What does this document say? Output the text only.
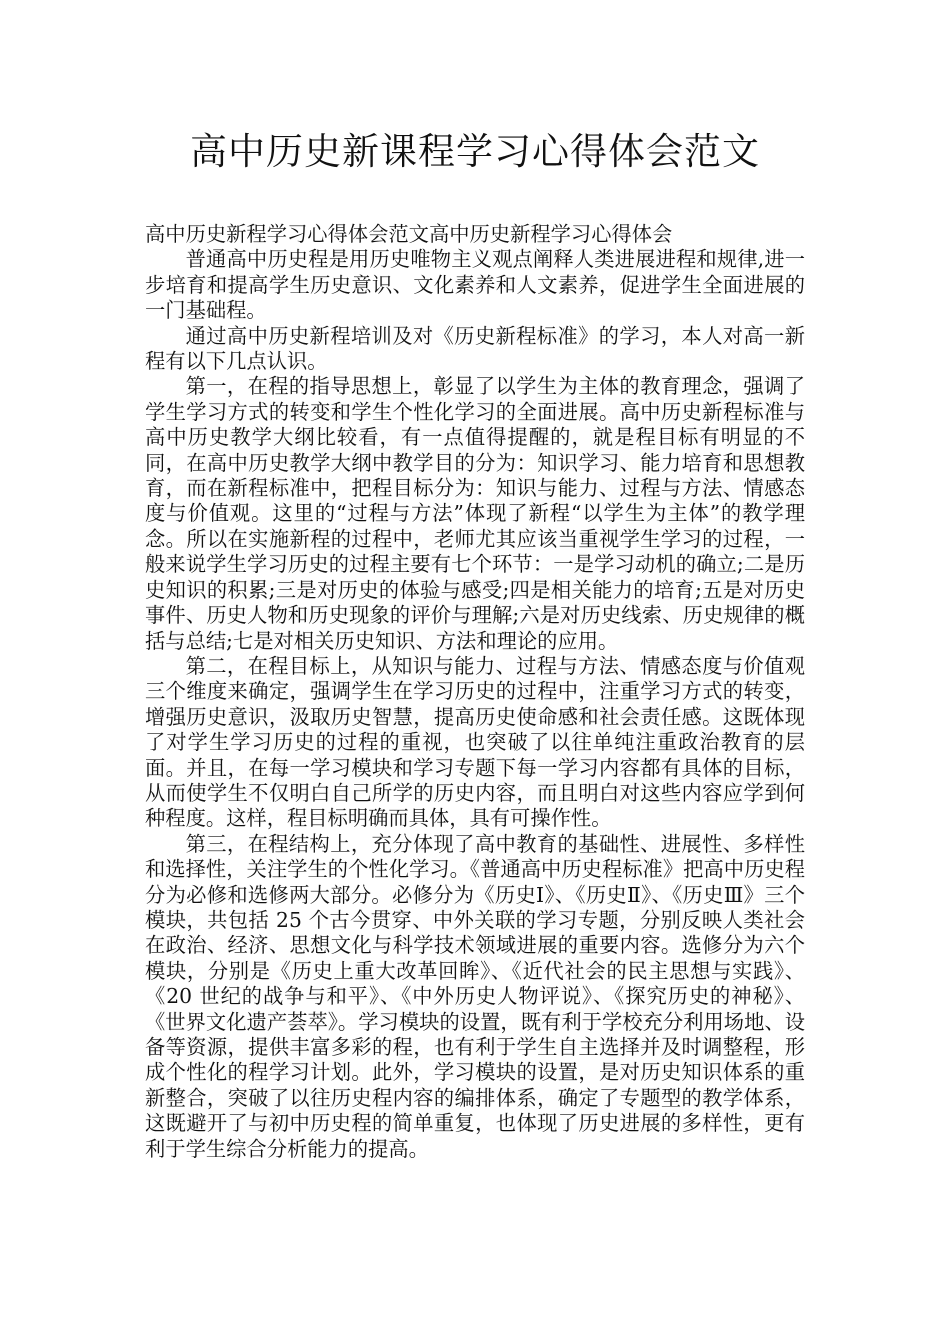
高中历史新课程学习心得体会范文

高中历史新程学习心得体会范文高中历史新程学习心得体会

普通高中历史程是用历史唯物主义观点阐释人类进展进程和规律,进一步培育和提高学生历史意识、文化素养和人文素养，促进学生全面进展的一门基础程。

通过高中历史新程培训及对《历史新程标准》的学习，本人对高一新程有以下几点认识。

第一，在程的指导思想上，彰显了以学生为主体的教育理念，强调了学生学习方式的转变和学生个性化学习的全面进展。高中历史新程标准与高中历史教学大纲比较看，有一点值得提醒的，就是程目标有明显的不同，在高中历史教学大纲中教学目的分为：知识学习、能力培育和思想教育，而在新程标准中，把程目标分为：知识与能力、过程与方法、情感态度与价值观。这里的“过程与方法”体现了新程“以学生为主体”的教学理念。所以在实施新程的过程中，老师尤其应该当重视学生学习的过程，一般来说学生学习历史的过程主要有七个环节：一是学习动机的确立;二是历史知识的积累;三是对历史的体验与感受;四是相关能力的培育;五是对历史事件、历史人物和历史现象的评价与理解;六是对历史线索、历史规律的概括与总结;七是对相关历史知识、方法和理论的应用。

第二，在程目标上，从知识与能力、过程与方法、情感态度与价值观三个维度来确定，强调学生在学习历史的过程中，注重学习方式的转变，增强历史意识，汲取历史智慧，提高历史使命感和社会责任感。这既体现了对学生学习历史的过程的重视，也突破了以往单纯注重政治教育的层面。并且，在每一学习模块和学习专题下每一学习内容都有具体的目标，从而使学生不仅明白自己所学的历史内容，而且明白对这些内容应学到何种程度。这样，程目标明确而具体，具有可操作性。

第三，在程结构上，充分体现了高中教育的基础性、进展性、多样性和选择性，关注学生的个性化学习。《普通高中历史程标准》把高中历史程分为必修和选修两大部分。必修分为《历史Ⅰ》、《历史Ⅱ》、《历史Ⅲ》三个模块，共包括 25 个古今贯穿、中外关联的学习专题，分别反映人类社会在政治、经济、思想文化与科学技术领域进展的重要内容。选修分为六个模块，分别是《历史上重大改革回眸》、《近代社会的民主思想与实践》、《20 世纪的战争与和平》、《中外历史人物评说》、《探究历史的神秘》、《世界文化遗产荟萃》。学习模块的设置，既有利于学校充分利用场地、设备等资源，提供丰富多彩的程，也有利于学生自主选择并及时调整程，形成个性化的程学习计划。此外，学习模块的设置，是对历史知识体系的重新整合，突破了以往历史程内容的编排体系，确定了专题型的教学体系，这既避开了与初中历史程的简单重复，也体现了历史进展的多样性，更有利于学生综合分析能力的提高。
